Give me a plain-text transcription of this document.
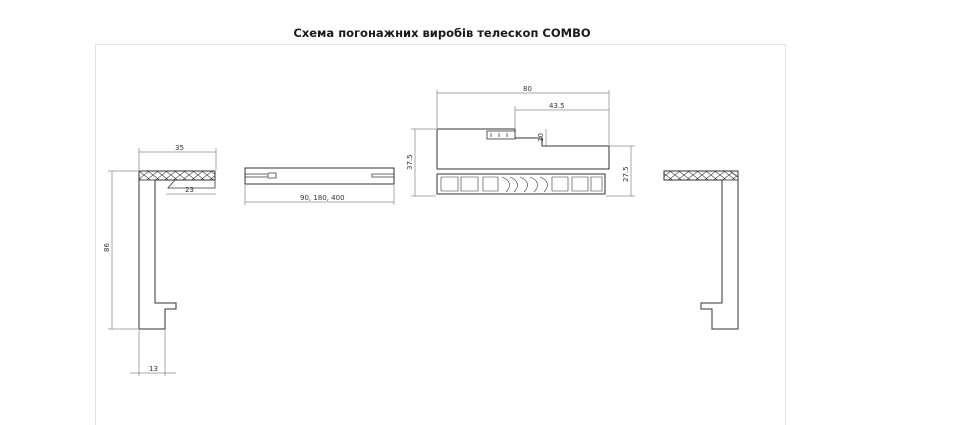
Схема погонажних виробів телескоп COMBO
35
23
86
13
90, 180, 400
80
43.5
10
37.5
27.5
